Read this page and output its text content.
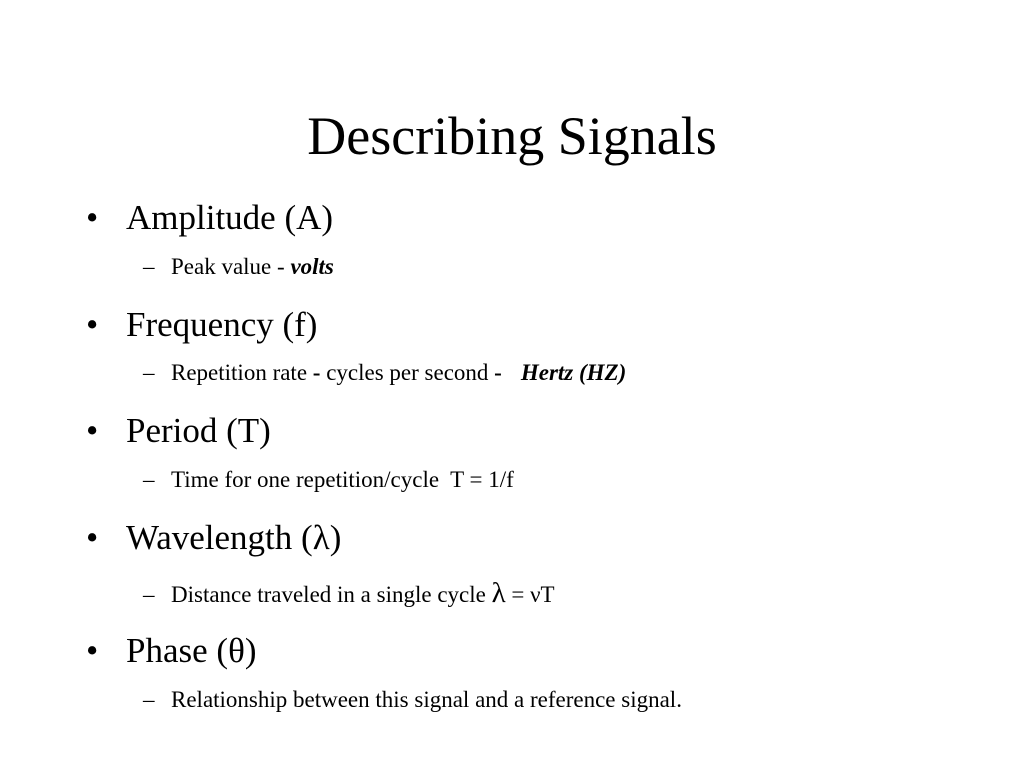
Describing Signals
• Amplitude (A)
– Peak value - volts
• Frequency (f)
– Repetition rate - cycles per second - Hertz (HZ)
• Period (T)
– Time for one repetition/cycle  T = 1/f
• Wavelength (λ)
– Distance traveled in a single cycle λ = νT
• Phase (θ)
– Relationship between this signal and a reference signal.
